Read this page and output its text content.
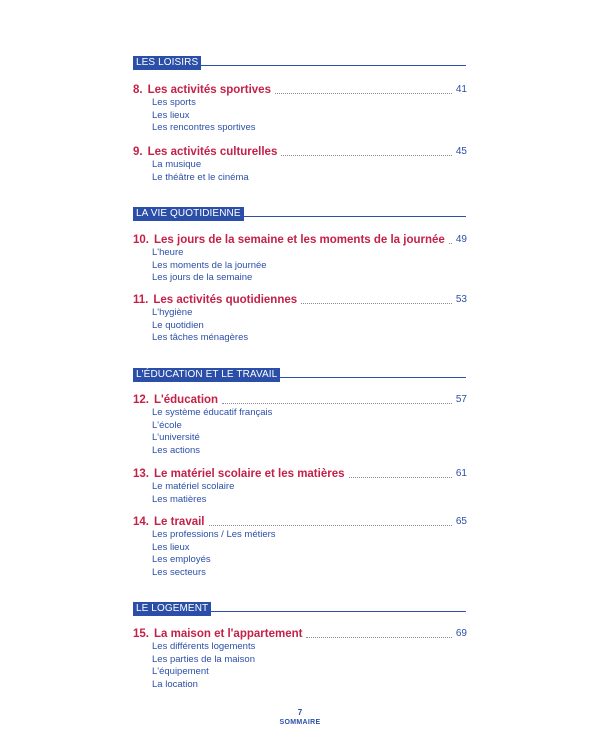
LES LOISIRS
8. Les activités sportives	41
Les sports
Les lieux
Les rencontres sportives
9. Les activités culturelles	45
La musique
Le théâtre et le cinéma
LA VIE QUOTIDIENNE
10. Les jours de la semaine et les moments de la journée 49
L'heure
Les moments de la journée
Les jours de la semaine
11. Les activités quotidiennes	53
L'hygiène
Le quotidien
Les tâches ménagères
L'ÉDUCATION ET LE TRAVAIL
12. L'éducation	57
Le système éducatif français
L'école
L'université
Les actions
13. Le matériel scolaire et les matières	61
Le matériel scolaire
Les matières
14. Le travail	65
Les professions / Les métiers
Les lieux
Les employés
Les secteurs
LE LOGEMENT
15. La maison et l'appartement	69
Les différents logements
Les parties de la maison
L'équipement
La location
7
SOMMAIRE
